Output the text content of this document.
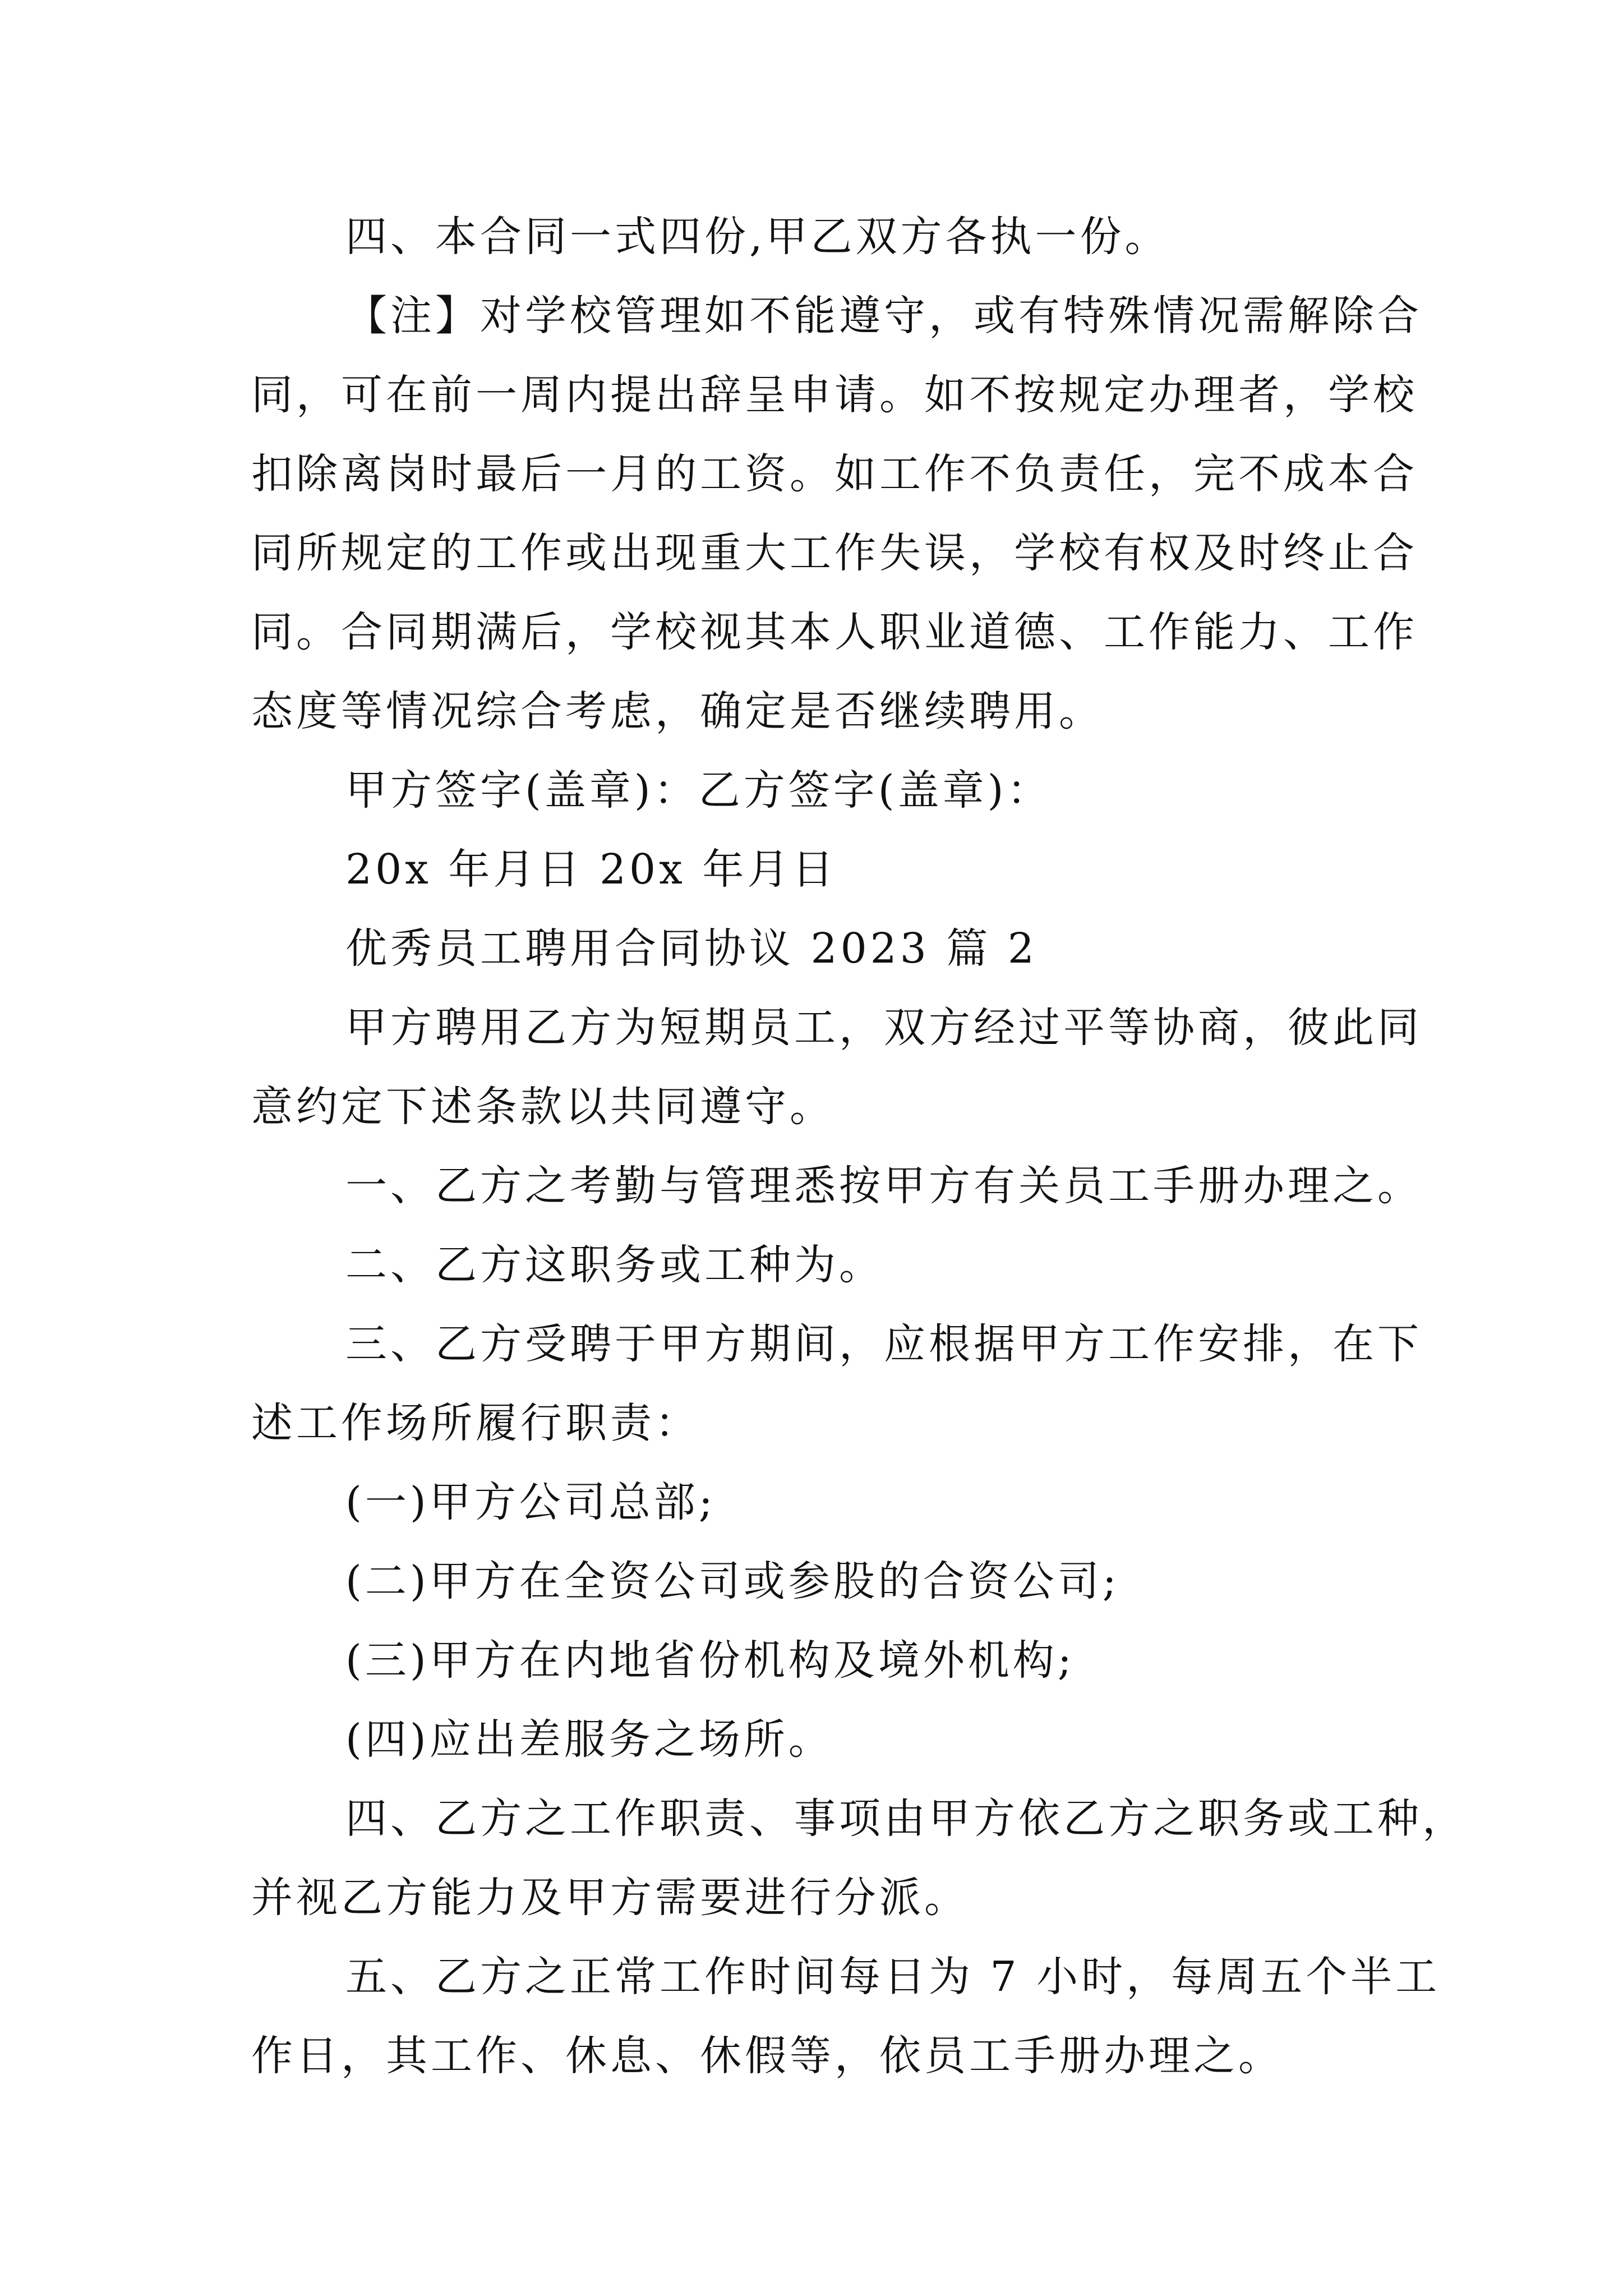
四、本合同一式四份,甲乙双方各执一份。

【注】对学校管理如不能遵守，或有特殊情况需解除合

同，可在前一周内提出辞呈申请。如不按规定办理者，学校

扣除离岗时最后一月的工资。如工作不负责任，完不成本合

同所规定的工作或出现重大工作失误，学校有权及时终止合

同。合同期满后，学校视其本人职业道德、工作能力、工作

态度等情况综合考虑，确定是否继续聘用。

甲方签字(盖章)：乙方签字(盖章)：

20x 年月日 20x 年月日

优秀员工聘用合同协议 2023 篇 2

甲方聘用乙方为短期员工，双方经过平等协商，彼此同

意约定下述条款以共同遵守。

一、乙方之考勤与管理悉按甲方有关员工手册办理之。

二、乙方这职务或工种为。

三、乙方受聘于甲方期间，应根据甲方工作安排，在下

述工作场所履行职责：

(一)甲方公司总部;

(二)甲方在全资公司或参股的合资公司;

(三)甲方在内地省份机构及境外机构;

(四)应出差服务之场所。

四、乙方之工作职责、事项由甲方依乙方之职务或工种，

并视乙方能力及甲方需要进行分派。

五、乙方之正常工作时间每日为 7 小时，每周五个半工

作日，其工作、休息、休假等，依员工手册办理之。
